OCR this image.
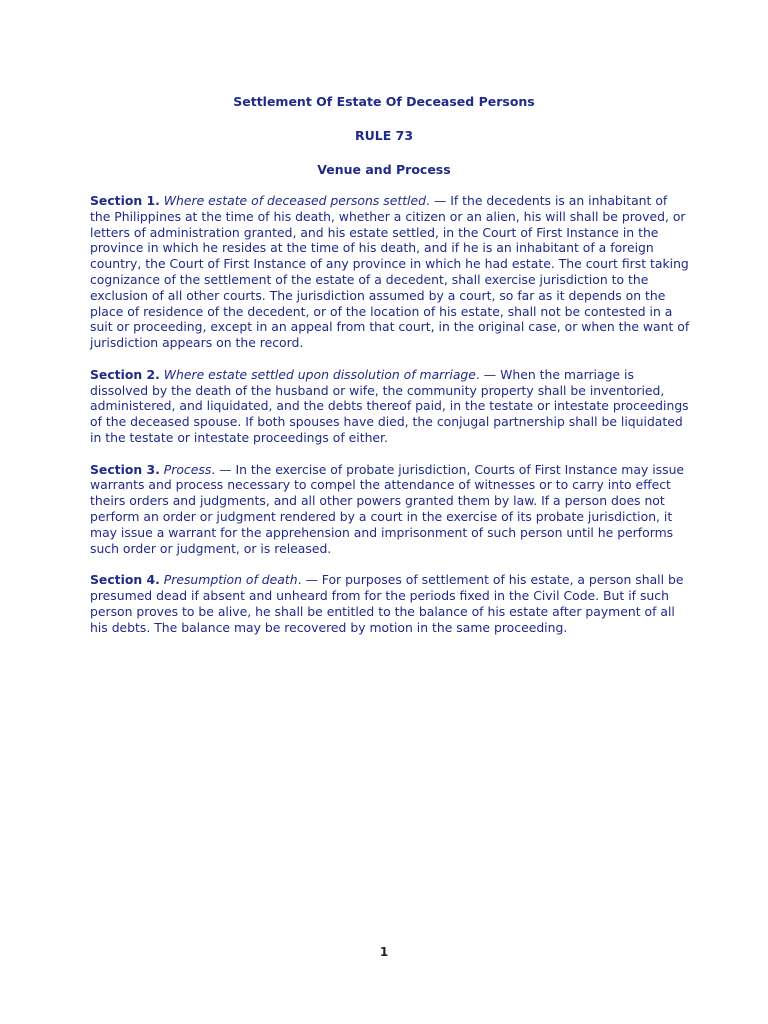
Settlement Of Estate Of Deceased Persons

RULE 73

Venue and Process

Section 1. Where estate of deceased persons settled. — If the decedents is an inhabitant of the Philippines at the time of his death, whether a citizen or an alien, his will shall be proved, or letters of administration granted, and his estate settled, in the Court of First Instance in the province in which he resides at the time of his death, and if he is an inhabitant of a foreign country, the Court of First Instance of any province in which he had estate. The court first taking cognizance of the settlement of the estate of a decedent, shall exercise jurisdiction to the exclusion of all other courts. The jurisdiction assumed by a court, so far as it depends on the place of residence of the decedent, or of the location of his estate, shall not be contested in a suit or proceeding, except in an appeal from that court, in the original case, or when the want of jurisdiction appears on the record.

Section 2. Where estate settled upon dissolution of marriage. — When the marriage is dissolved by the death of the husband or wife, the community property shall be inventoried, administered, and liquidated, and the debts thereof paid, in the testate or intestate proceedings of the deceased spouse. If both spouses have died, the conjugal partnership shall be liquidated in the testate or intestate proceedings of either.

Section 3. Process. — In the exercise of probate jurisdiction, Courts of First Instance may issue warrants and process necessary to compel the attendance of witnesses or to carry into effect theirs orders and judgments, and all other powers granted them by law. If a person does not perform an order or judgment rendered by a court in the exercise of its probate jurisdiction, it may issue a warrant for the apprehension and imprisonment of such person until he performs such order or judgment, or is released.

Section 4. Presumption of death. — For purposes of settlement of his estate, a person shall be presumed dead if absent and unheard from for the periods fixed in the Civil Code. But if such person proves to be alive, he shall be entitled to the balance of his estate after payment of all his debts. The balance may be recovered by motion in the same proceeding.

1
